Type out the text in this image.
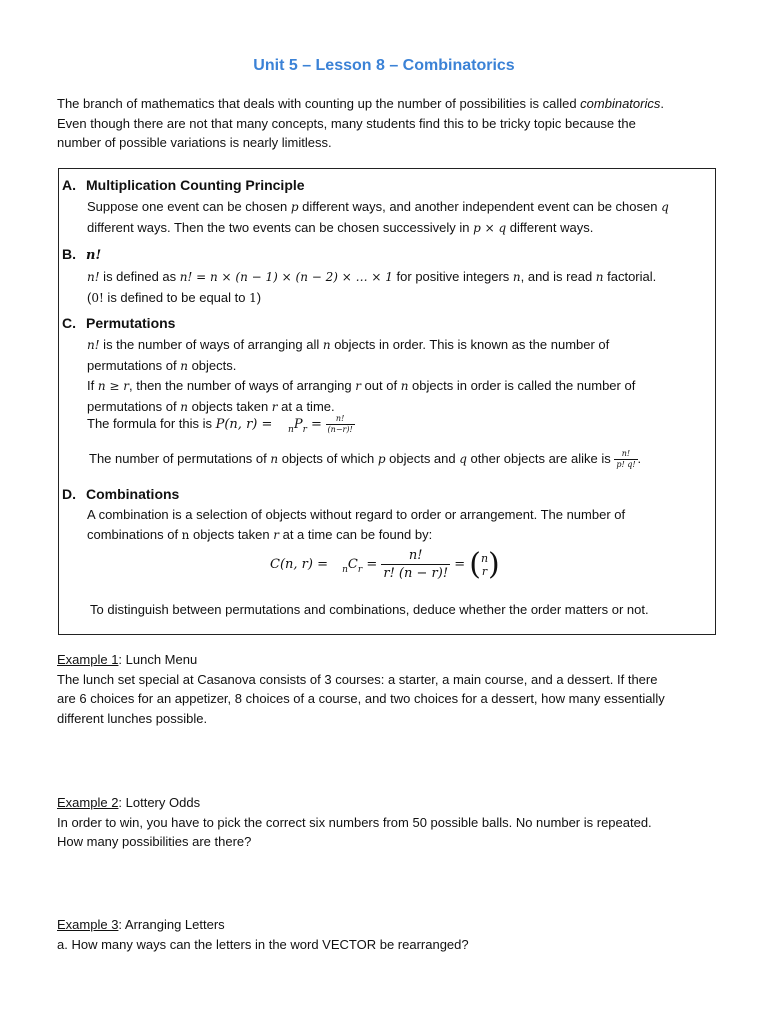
Unit 5 – Lesson 8 – Combinatorics
The branch of mathematics that deals with counting up the number of possibilities is called combinatorics.
Even though there are not that many concepts, many students find this to be tricky topic because the
number of possible variations is nearly limitless.
A. Multiplication Counting Principle
Suppose one event can be chosen p different ways, and another independent event can be chosen q
different ways. Then the two events can be chosen successively in p × q different ways.
B. n!
n! is defined as n! = n × (n − 1) × (n − 2) × … × 1 for positive integers n, and is read n factorial.
(0! is defined to be equal to 1)
C. Permutations
n! is the number of ways of arranging all n objects in order. This is known as the number of
permutations of n objects.
If n ≥ r, then the number of ways of arranging r out of n objects in order is called the number of
permutations of n objects taken r at a time.
The formula for this is P(n, $r) = _nP_r = \frac{n!}{(n-r)!}$
The number of permutations of n objects of which p objects and q other objects are alike is $\frac{n!}{p! q!}$ .
D. Combinations
A combination is a selection of objects without regard to order or arrangement. The number of
combinations of n objects taken r at a time can be found by:
C(n, $r) = _nC_r = \frac{n!}{r! (n - r)!} = (n$
r)
To distinguish between permutations and combinations, deduce whether the order matters or not.
Example 1: Lunch Menu
The lunch set special at Casanova consists of 3 courses: a starter, a main course, and a dessert. If there
are 6 choices for an appetizer, 8 choices of a course, and two choices for a dessert, how many essentially
different lunches possible.
Example 2: Lottery Odds
In order to win, you have to pick the correct six numbers from 50 possible balls. No number is repeated.
How many possibilities are there?
Example 3: Arranging Letters
a. How many ways can the letters in the word VECTOR be rearranged?
